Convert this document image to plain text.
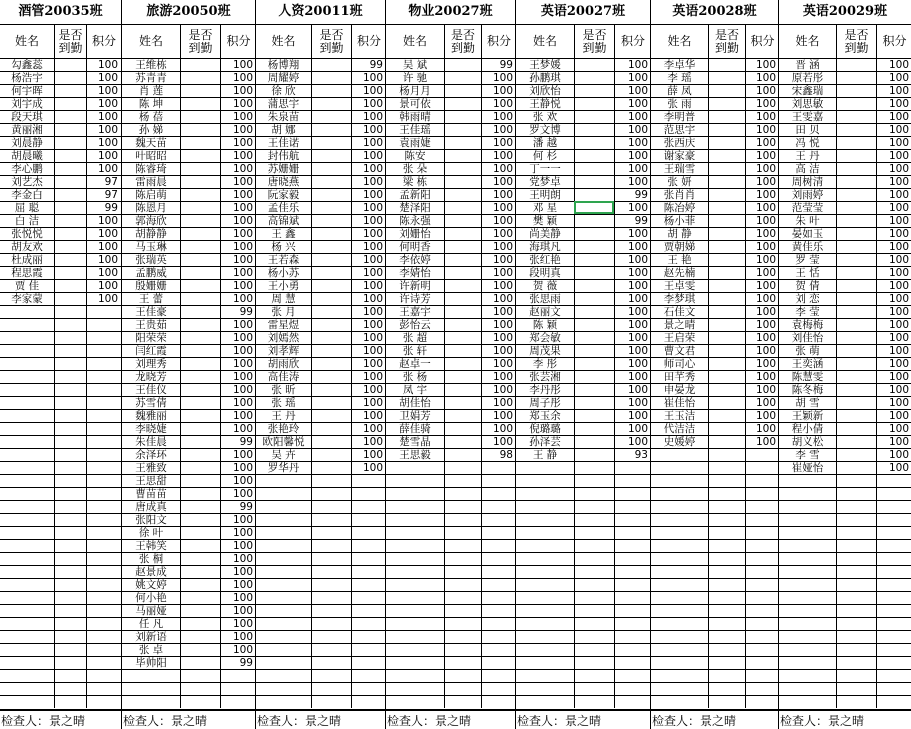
酒管20035班
姓名	是否
到勤 积分
勾鑫蕊	100
杨浩宇	100
何宇晖	100
刘宇成	100
段天琪	100
黄丽湘	100
刘晨静	100
胡晨曦	100
李心鹏	100
刘艺杰	97
李金白	97
屈 聪	99
白 洁	100
张悦悦	100
胡友欢	100
杜成丽	100
程思霞	100
贾 佳	100
李家蒙	100
检查人：景之晴
旅游20050班
姓名	是否
到勤	积分
王维栋	100
苏青青	100
肖 莲	100
陈 坤	100
杨 蓓	100
孙 娣	100
魏天苗	100
叶昭昭	100
陈睿琦	100
雷雨晨	100
陈启萌	100
陈恩月	100
郭海欣	100
胡静静	100
马玉琳	100
张瑞英	100
孟鹏威	100
殷姗姗	100
王 蕾	100
王佳豪	99
王贵茹	100
阳荣荣	100
闫红霞	100
刘理秀	100
龙晓芳	100
王佳仪	100
苏雪倩	100
魏雅丽	100
李晓婕	100
朱佳晨	99
余泽环	100
王雅致	100
王思甜	100
曹苗苗	100
唐成真	99
张阳文	100
徐 叶	100
王韩笑	100
张 桐	100
赵景成	100
姚文婷	100
何小艳	100
马丽娅	100
任 凡	100
刘新语	100
张 卓	100
毕帅阳	99
检查人：景之晴
人资20011班
姓名	是否
到勤	积分
杨博翔	99
周耀婷	100
徐 欣	100
蒲思宇	100
朱泉苗	100
胡 娜	100
王佳诺	100
封伟航	100
苏姗姗	100
唐晓燕	100
阮家毅	100
孟佳乐	100
高锦斌	100
王 鑫	100
杨 兴	100
王若森	100
杨小苏	100
王小勇	100
周 慧	100
张 月	100
雷星煜	100
刘嫣然	100
刘孝辉	100
胡雨欣	100
高佳涛	100
张 昕	100
张 瑶	100
王 丹	100
张艳玲	100
欧阳馨悦	100
吴 卉	100
罗华丹	100
检查人：景之晴
物业20027班
姓名	是否
到勤 积分
吴 斌	99
许 驰	100
杨月月	100
景可依	100
韩雨晴	100
王佳瑶	100
袁雨婕	100
陈安	100
张 朵	100
梁 栋	100
孟新阳	100
楚泽阳	100
陈永强	100
刘姗怡	100
何明香	100
李依婷	100
李婧怡	100
许新明	100
许诗芳	100
王嘉宇	100
彭怡云	100
张 超	100
张 轩	100
赵卓一	100
张 杨	100
凤 宇	100
胡佳怡	100
卫娟芳	100
薛佳骑	100
楚雪晶	100
王思毅	98
检查人：景之晴
英语20027班
姓名	是否
到勤	积分
王梦媛	100
孙鹏琪	100
刘欣怡	100
王静悦	100
张 欢	100
罗文博	100
潘 越	100
何 杉	100
丁一一	100
党梦卓	100
王明朗	99
邓 星	100
樊 颖	99
尚美静	100
海琪凡	100
张红艳	100
段明真	100
贺 薇	100
张思雨	100
赵丽文	100
陈 颖	100
郑会敏	100
周茂果	100
李 彤	100
张芸湘	100
李丹彤	100
周子彤	100
郑玉余	100
倪璐璐	100
孙泽芸	100
王 静	93
检查人：景之晴
英语20028班
姓名	是否
到勤 积分
李卓华	100
李 瑶	100
薛 凤	100
张 雨	100
李明普	100
范思宇	100
张西庆	100
谢家豪	100
王瑞雪	100
张 妍	100
张肖肖	100
陈冶婷	100
杨小菲	100
胡 静	100
贾朝娣	100
王 艳	100
赵先楠	100
王卓雯	100
李梦琪	100
石佳文	100
景之晴	100
王启荣	100
曹文君	100
师司心	100
田芊秀	100
申晏龙	100
崔佳怡	100
王玉洁	100
代洁洁	100
史媛婷	100
检查人：景之晴
英语20029班
姓名	是否
到勤	积分
晋 涵	100
原若彤	100
宋鑫瑞	100
刘思敏	100
王雯嘉	100
田 贝	100
冯 悦	100
王 丹	100
高 洁	100
周树清	100
刘雨婷	100
范莹莹	100
朱 叶	100
晏如玉	100
黄佳乐	100
罗 莹	100
王 恬	100
贺 倩	100
刘 恋	100
李 莹	100
袁梅梅	100
刘佳怡	100
张 萌	100
王奕涵	100
陈慧雯	100
陈冬梅	100
胡 雪	100
王颖新	100
程小倩	100
胡义松	100
李 雪	100
崔娅怡	100
检查人：景之晴
